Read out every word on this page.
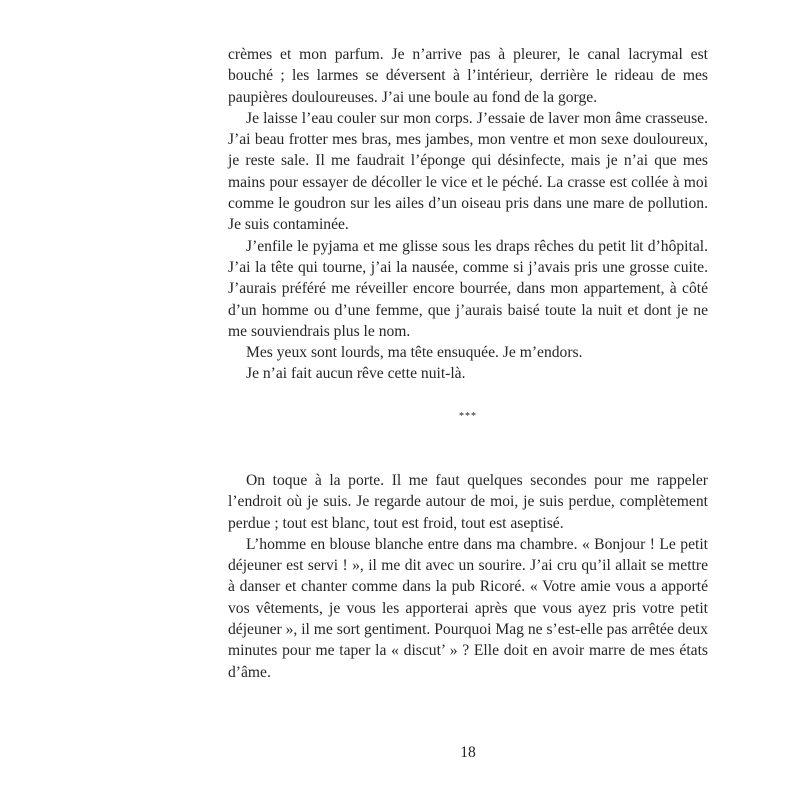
crèmes et mon parfum. Je n’arrive pas à pleurer, le canal lacrymal est bouché ; les larmes se déversent à l’intérieur, derrière le rideau de mes paupières douloureuses. J’ai une boule au fond de la gorge.

Je laisse l’eau couler sur mon corps. J’essaie de laver mon âme crasseuse. J’ai beau frotter mes bras, mes jambes, mon ventre et mon sexe douloureux, je reste sale. Il me faudrait l’éponge qui désinfecte, mais je n’ai que mes mains pour essayer de décoller le vice et le péché. La crasse est collée à moi comme le goudron sur les ailes d’un oiseau pris dans une mare de pollution. Je suis contaminée.

J’enfile le pyjama et me glisse sous les draps rêches du petit lit d’hôpital. J’ai la tête qui tourne, j’ai la nausée, comme si j’avais pris une grosse cuite. J’aurais préféré me réveiller encore bourrée, dans mon appartement, à côté d’un homme ou d’une femme, que j’aurais baisé toute la nuit et dont je ne me souviendrais plus le nom.

Mes yeux sont lourds, ma tête ensuquée. Je m’endors.

Je n’ai fait aucun rêve cette nuit-là.

***

On toque à la porte. Il me faut quelques secondes pour me rappeler l’endroit où je suis. Je regarde autour de moi, je suis perdue, complètement perdue ; tout est blanc, tout est froid, tout est aseptisé.

L’homme en blouse blanche entre dans ma chambre. « Bonjour ! Le petit déjeuner est servi ! », il me dit avec un sourire. J’ai cru qu’il allait se mettre à danser et chanter comme dans la pub Ricoré. « Votre amie vous a apporté vos vêtements, je vous les apporterai après que vous ayez pris votre petit déjeuner », il me sort gentiment. Pourquoi Mag ne s’est-elle pas arrêtée deux minutes pour me taper la « discut’ » ? Elle doit en avoir marre de mes états d’âme.

18
